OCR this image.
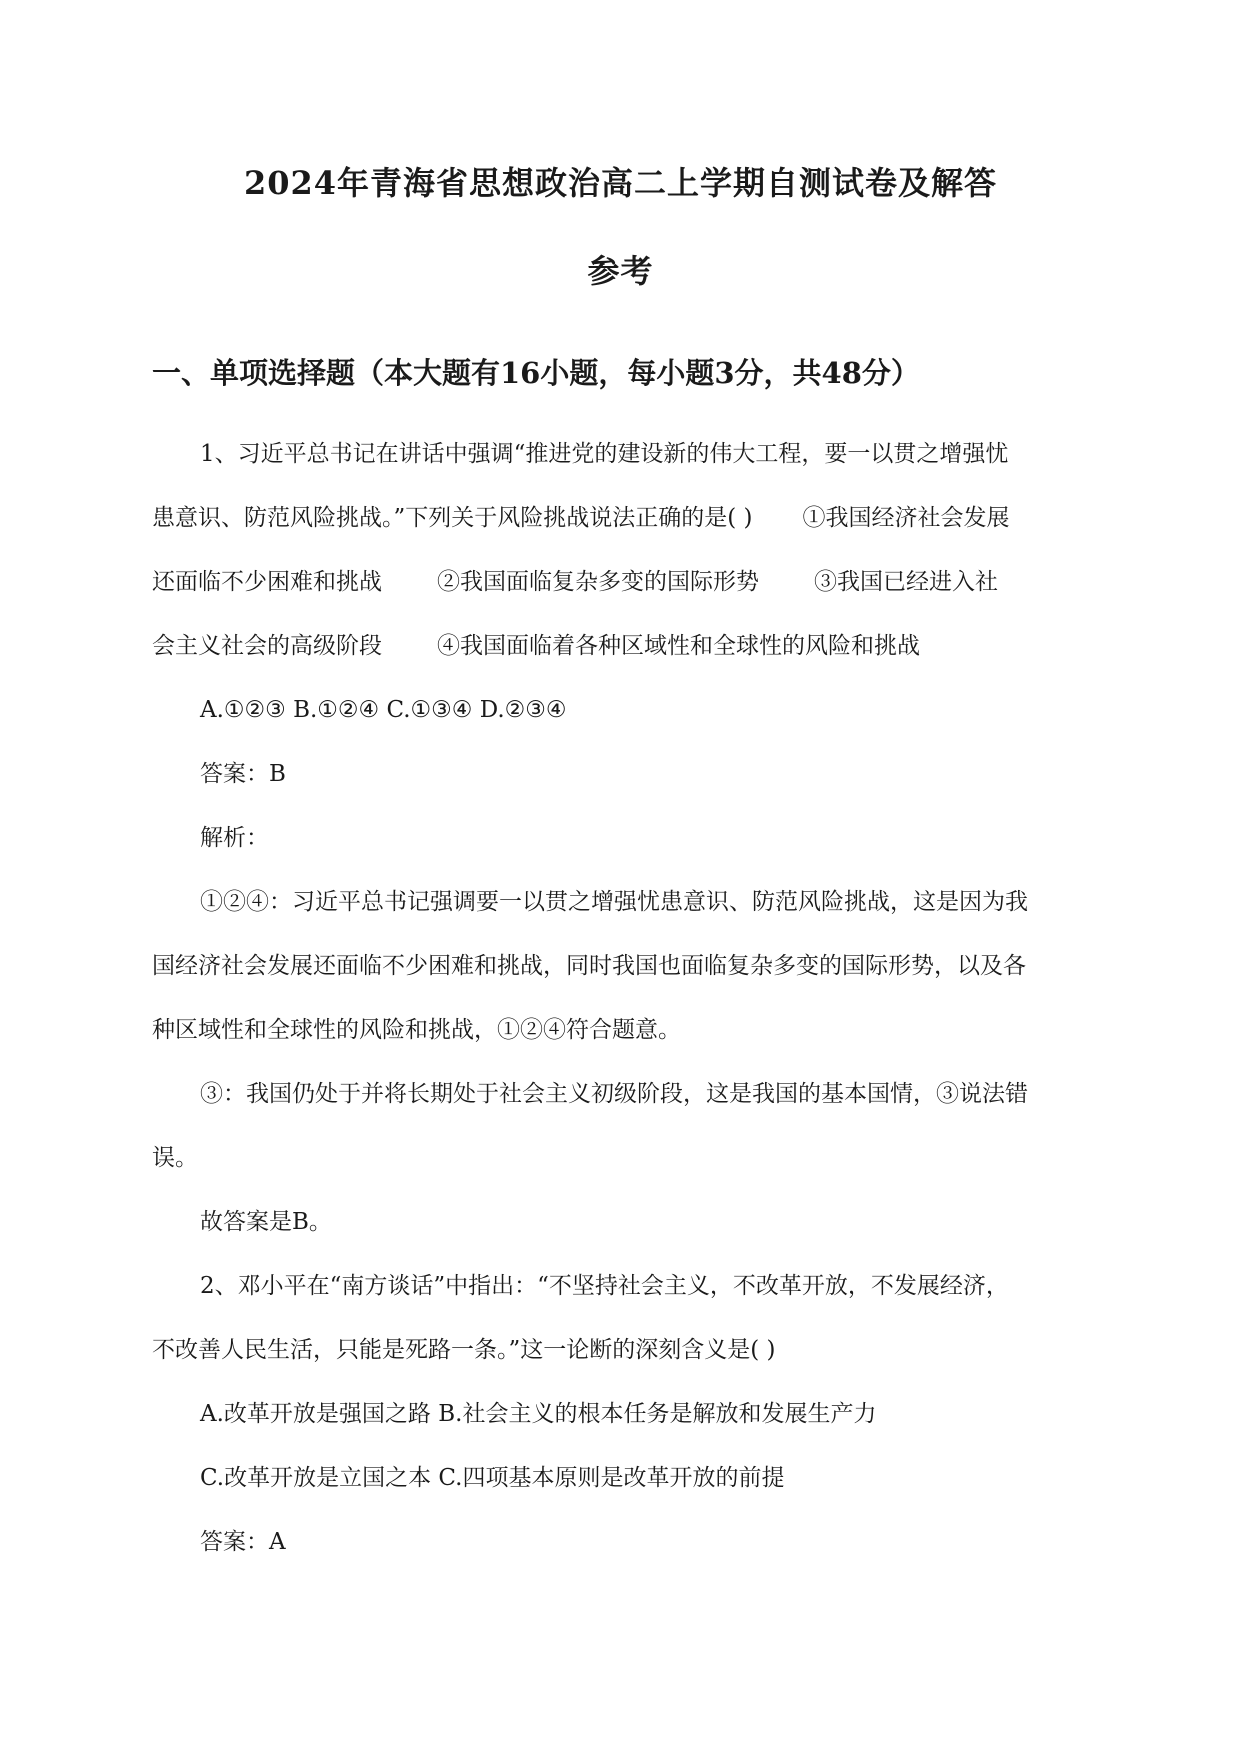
2024年青海省思想政治高二上学期自测试卷及解答
参考
一、单项选择题（本大题有16小题，每小题3分，共48分）
1、习近平总书记在讲话中强调“推进党的建设新的伟大工程，要一以贯之增强忧
患意识、防范风险挑战。”下列关于风险挑战说法正确的是( ) ①我国经济社会发展
还面临不少困难和挑战 ②我国面临复杂多变的国际形势 ③我国已经进入社
会主义社会的高级阶段 ④我国面临着各种区域性和全球性的风险和挑战
A.①②③ B.①②④ C.①③④ D.②③④
答案：B
解析：
①②④：习近平总书记强调要一以贯之增强忧患意识、防范风险挑战，这是因为我
国经济社会发展还面临不少困难和挑战，同时我国也面临复杂多变的国际形势，以及各
种区域性和全球性的风险和挑战，①②④符合题意。
③：我国仍处于并将长期处于社会主义初级阶段，这是我国的基本国情，③说法错
误。
故答案是B。
2、邓小平在“南方谈话”中指出：“不坚持社会主义，不改革开放，不发展经济，
不改善人民生活，只能是死路一条。”这一论断的深刻含义是( )
A.改革开放是强国之路 B.社会主义的根本任务是解放和发展生产力
C.改革开放是立国之本 C.四项基本原则是改革开放的前提
答案：A
